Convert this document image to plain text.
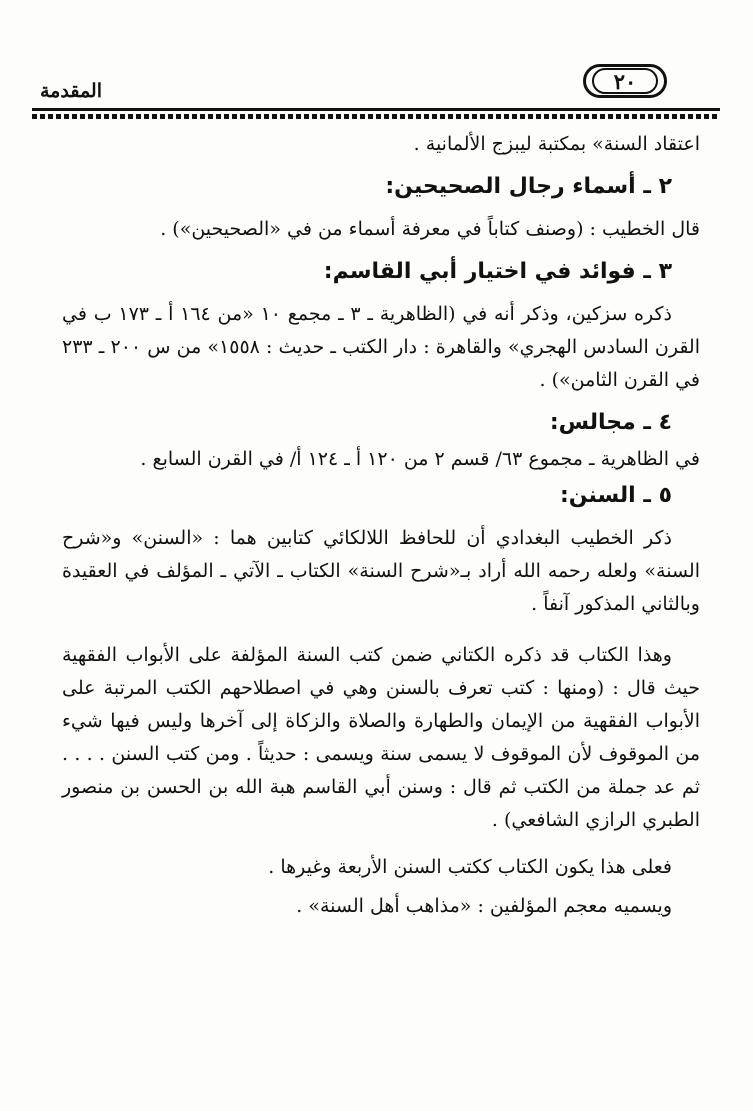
٢٠
المقدمة

اعتقاد السنة» بمكتبة ليبزج الألمانية .

٢ ـ أسماء رجال الصحيحين:

قال الخطيب : (وصنف كتاباً في معرفة أسماء من في «الصحيحين») .

٣ ـ فوائد في اختيار أبي القاسم:

ذكره سزكين، وذكر أنه في (الظاهرية ـ ٣ ـ مجمع ١٠ «من ١٦٤ أ ـ ١٧٣ ب في القرن السادس الهجري» والقاهرة : دار الكتب ـ حديث : ١٥٥٨» من س ٢٠٠ ـ ٢٣٣ في القرن الثامن») .

٤ ـ مجالس:

في الظاهرية ـ مجموع ٦٣/ قسم ٢ من ١٢٠ أ ـ ١٢٤ أ/ في القرن السابع .

٥ ـ السنن:

ذكر الخطيب البغدادي أن للحافظ اللالكائي كتابين هما : «السنن» و«شرح السنة» ولعله رحمه الله أراد بـ«شرح السنة» الكتاب ـ الآتي ـ المؤلف في العقيدة وبالثاني المذكور آنفاً .

وهذا الكتاب قد ذكره الكتاني ضمن كتب السنة المؤلفة على الأبواب الفقهية حيث قال : (ومنها : كتب تعرف بالسنن وهي في اصطلاحهم الكتب المرتبة على الأبواب الفقهية من الإيمان والطهارة والصلاة والزكاة إلى آخرها وليس فيها شيء من الموقوف لأن الموقوف لا يسمى سنة ويسمى : حديثاً . ومن كتب السنن . . . . ثم عد جملة من الكتب ثم قال : وسنن أبي القاسم هبة الله بن الحسن بن منصور الطبري الرازي الشافعي) .

فعلى هذا يكون الكتاب ككتب السنن الأربعة وغيرها .

ويسميه معجم المؤلفين : «مذاهب أهل السنة» .
